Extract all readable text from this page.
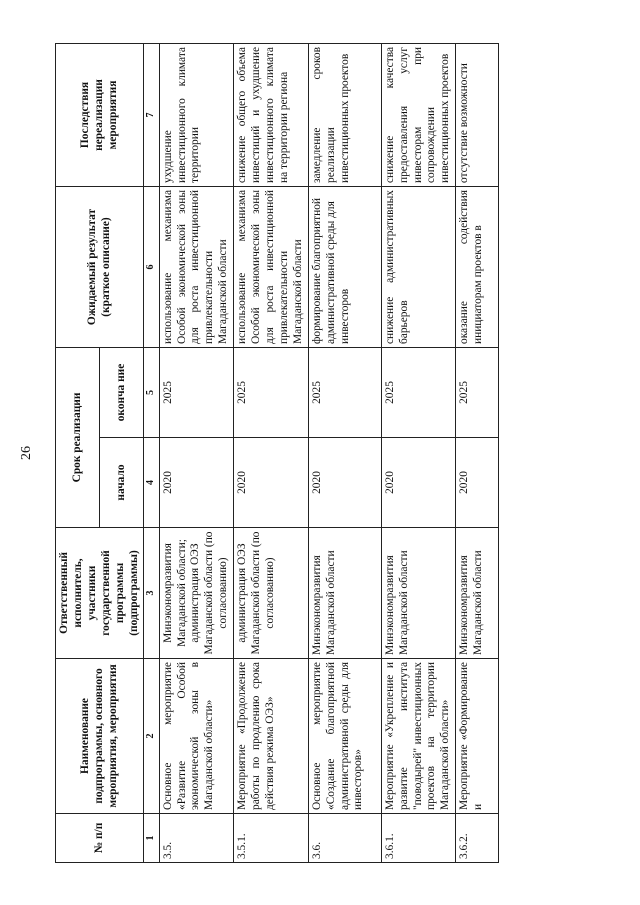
26
№ п/п	Наименование подпрограммы, основного мероприятия, мероприятия	Ответственный исполнитель, участники государственной программы (подпрограммы)	Срок реализации		Ожидаемый результат (краткое описание)	Последствия нереализации мероприятия
			начало	оконча ние		
1	2	3	4	5	6	7
3.5.	Основное мероприятие «Развитие Особой экономической зоны в Магаданской области»	Минэкономразвития Магаданской области; администрация ОЭЗ Магаданской области (по согласованию)	2020	2025	использование механизма Особой экономической зоны для роста инвестиционной привлекательности Магаданской области	ухудшение инвестиционного климата территории
3.5.1.	Мероприятие «Продолжение работы по продлению срока действия режима ОЭЗ»	администрация ОЭЗ Магаданской области (по согласованию)	2020	2025	использование механизма Особой экономической зоны для роста инвестиционной привлекательности Магаданской области	снижение общего объема инвестиций и ухудшение инвестиционного климата на территории региона
3.6.	Основное мероприятие «Создание благоприятной административной среды для инвесторов»	Минэкономразвития Магаданской области	2020	2025	формирование благоприятной административной среды для инвесторов	замедление сроков реализации инвестиционных проектов
3.6.1.	Мероприятие «Укрепление и развитие института "поводырей" инвестиционных проектов на территории Магаданской области»	Минэкономразвития Магаданской области	2020	2025	снижение административных барьеров	снижение качества предоставления услуг инвесторам при сопровождении инвестиционных проектов
3.6.2.	Мероприятие «Формирование и	Минэкономразвития Магаданской области	2020	2025	оказание содействия инициаторам проектов в	отсутствие возможности
